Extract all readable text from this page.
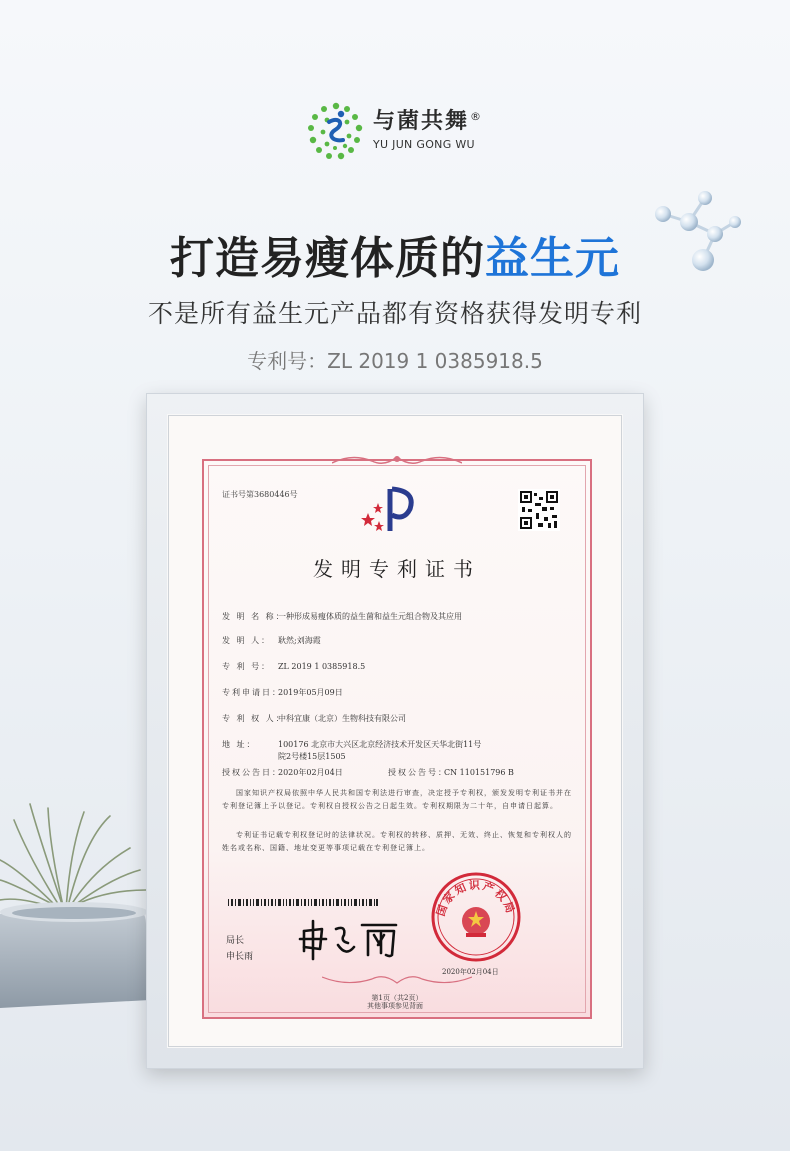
与菌共舞®
YU JUN GONG WU
打造易瘦体质的益生元
不是所有益生元产品都有资格获得发明专利
专利号：ZL 2019 1 0385918.5
证书号第3680446号
发明专利证书
发 明 名 称：一种形成易瘦体质的益生菌和益生元组合物及其应用
发 明 人： 耿然;刘海霞
专 利 号： ZL 2019 1 0385918.5
专利申请日：2019年05月09日
专 利 权 人：中科宜康（北京）生物科技有限公司
地 址：	100176 北京市大兴区北京经济技术开发区天华北街11号
院2号楼15层1505
授权公告日：2020年02月04日	授权公告号：CN 110151796 B
国家知识产权局依照中华人民共和国专利法进行审查，决定授予专利权，颁发发明专利证书并在专利登记簿上予以登记。专利权自授权公告之日起生效。专利权期限为二十年，自申请日起算。
专利证书记载专利权登记时的法律状况。专利权的转移、质押、无效、终止、恢复和专利权人的姓名或名称、国籍、地址变更等事项记载在专利登记簿上。
局长
申长雨
国家知识产权局
2020年02月04日
第1页（共2页）
其他事项参见背面
